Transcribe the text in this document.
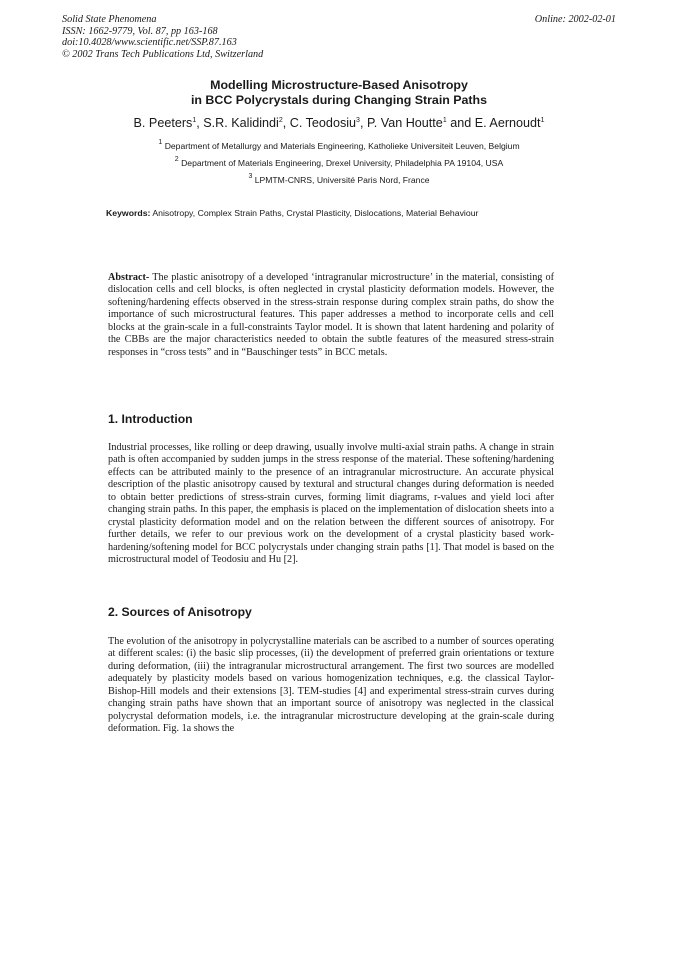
Solid State Phenomena
ISSN: 1662-9779, Vol. 87, pp 163-168
doi:10.4028/www.scientific.net/SSP.87.163
© 2002 Trans Tech Publications Ltd, Switzerland
Online: 2002-02-01
Modelling Microstructure-Based Anisotropy
in BCC Polycrystals during Changing Strain Paths
B. Peeters$^1$, S.R. Kalidindi$^2$, C. Teodosiu$^3$, P. Van Houtte$^1$ and E. Aernoudt$^1$
$^1$ Department of Metallurgy and Materials Engineering, Katholieke Universiteit Leuven, Belgium
$^2$ Department of Materials Engineering, Drexel University, Philadelphia PA 19104, USA
$^3$ LPMTM-CNRS, Université Paris Nord, France
Keywords: Anisotropy, Complex Strain Paths, Crystal Plasticity, Dislocations, Material Behaviour
Abstract- The plastic anisotropy of a developed ‘intragranular microstructure’ in the material, consisting of dislocation cells and cell blocks, is often neglected in crystal plasticity deformation models. However, the softening/hardening effects observed in the stress-strain response during complex strain paths, do show the importance of such microstructural features. This paper addresses a method to incorporate cells and cell blocks at the grain-scale in a full-constraints Taylor model. It is shown that latent hardening and polarity of the CBBs are the major characteristics needed to obtain the subtle features of the measured stress-strain responses in “cross tests” and in “Bauschinger tests” in BCC metals.
1. Introduction
Industrial processes, like rolling or deep drawing, usually involve multi-axial strain paths. A change in strain path is often accompanied by sudden jumps in the stress response of the material. These softening/hardening effects can be attributed mainly to the presence of an intragranular microstructure. An accurate physical description of the plastic anisotropy caused by textural and structural changes during deformation is needed to obtain better predictions of stress-strain curves, forming limit diagrams, r-values and yield loci after changing strain paths. In this paper, the emphasis is placed on the implementation of dislocation sheets into a crystal plasticity deformation model and on the relation between the different sources of anisotropy. For further details, we refer to our previous work on the development of a crystal plasticity based work-hardening/softening model for BCC polycrystals under changing strain paths [1]. That model is based on the microstructural model of Teodosiu and Hu [2].
2. Sources of Anisotropy
The evolution of the anisotropy in polycrystalline materials can be ascribed to a number of sources operating at different scales: (i) the basic slip processes, (ii) the development of preferred grain orientations or texture during deformation, (iii) the intragranular microstructural arrangement. The first two sources are modelled adequately by plasticity models based on various homogenization techniques, e.g. the classical Taylor-Bishop-Hill models and their extensions [3]. TEM-studies [4] and experimental stress-strain curves during changing strain paths have shown that an important source of anisotropy was neglected in the classical polycrystal deformation models, i.e. the intragranular microstructure developing at the grain-scale during deformation. Fig. 1a shows the
